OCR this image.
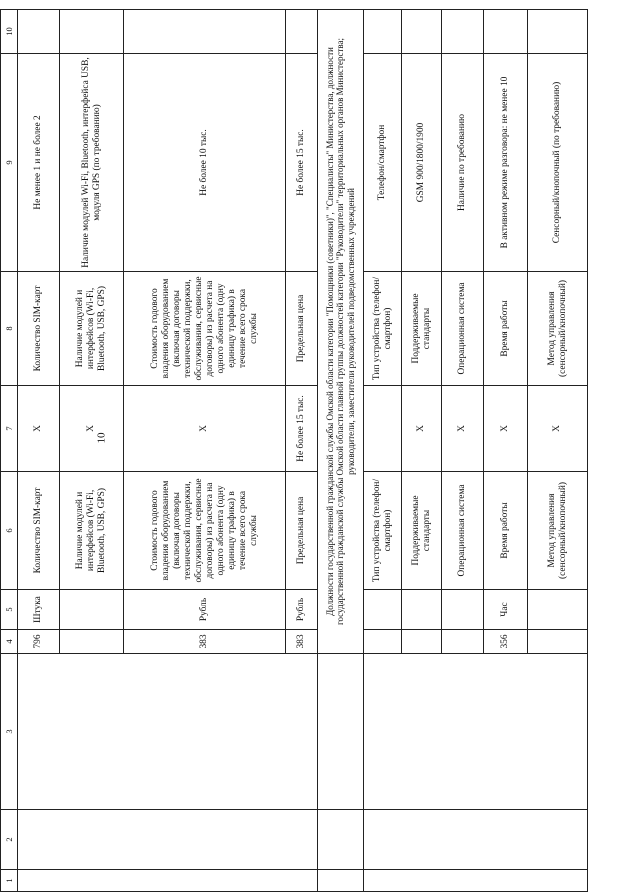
10
1	2	3	4	5	6	7	8	9	10
			796	Штука	Количество SIM-карт	X	Количество SIM-карт	Не менее 1 и не более 2	
					Наличие модулей и интерфейсов (Wi-Fi, Bluetooth, USB, GPS)	X	Наличие модулей и интерфейсов (Wi-Fi, Bluetooth, USB, GPS)	Наличие модулей Wi-Fi, Bluetooth, интерфейса USB, модуля GPS (по требованию)	
			383	Рубль	Стоимость годового владения оборудованием (включая договоры технической поддержки, обслуживания, сервисные договоры) из расчета на одного абонента (одну единицу трафика) в течение всего срока службы	X	Стоимость годового владения оборудованием (включая договоры технической поддержки, обслуживания, сервисные договоры) из расчета на одного абонента (одну единицу трафика) в течение всего срока службы	Не более 10 тыс.	
			383	Рубль	Предельная цена	Не более 15 тыс.	Предельная цена	Не более 15 тыс.	
			Должности государственной гражданской службы Омской области категории "Помощники (советники)", "Специалисты" Министерства, должности государственной гражданской службы Омской области главной группы должностей категории "Руководители" территориальных органов Министерства; руководители, заместители руководителей подведомственных учреждений						
					Тип устройства (телефон/смартфон)		Тип устройства (телефон/смартфон)	Телефон/смартфон	
					Поддерживаемые стандарты	X	Поддерживаемые стандарты	GSM 900/1800/1900	
					Операционная система	X	Операционная система	Наличие по требованию	
			356	Час	Время работы	X	Время работы	В активном режиме разговора: не менее 10	
					Метод управления (сенсорный/кнопочный)	X	Метод управления (сенсорный/кнопочный)	Сенсорный/кнопочный (по требованию)	
